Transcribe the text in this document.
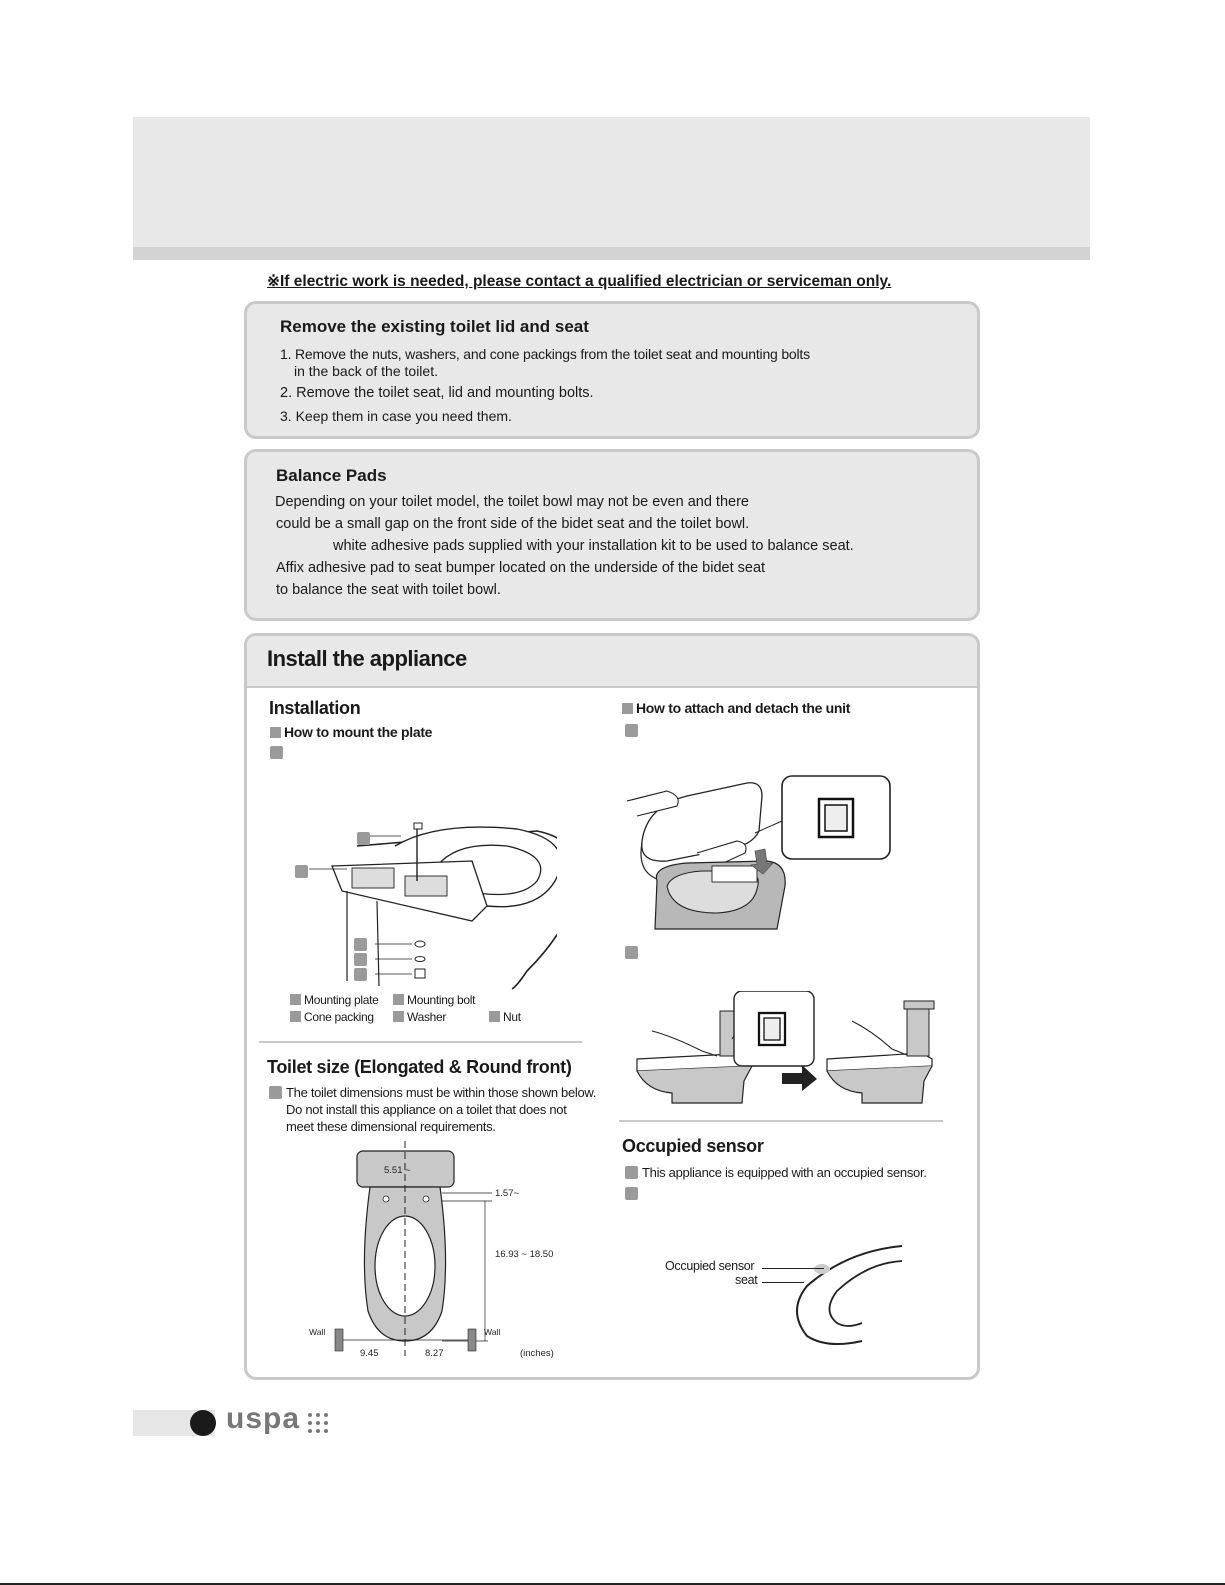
※If electric work is needed, please contact a qualified electrician or serviceman only.
Remove the existing toilet lid and seat
1. Remove the nuts, washers, and cone packings from the toilet seat and mounting bolts
in the back of the toilet.
2. Remove the toilet seat, lid and mounting bolts.
3. Keep them in case you need them.
Balance Pads
Depending on your toilet model, the toilet bowl may not be even and there
could be a small gap on the front side of the bidet seat and the toilet bowl.
white adhesive pads supplied with your installation kit to be used to balance seat.
Affix adhesive pad to seat bumper located on the underside of the bidet seat
to balance the seat with toilet bowl.
Install the appliance
Installation
How to mount the plate
Mounting plate	Mounting bolt
Cone packing	Washer	Nut
Toilet size (Elongated & Round front)
The toilet dimensions must be within those shown below.
Do not install this appliance on a toilet that does not
meet these dimensional requirements.
5.51 ~
1.57~
16.93 ~ 18.50
Wall	Wall
9.45	8.27	(inches)
How to attach and detach the unit
Occupied sensor
This appliance is equipped with an occupied sensor.
Occupied sensor
seat
uspa
